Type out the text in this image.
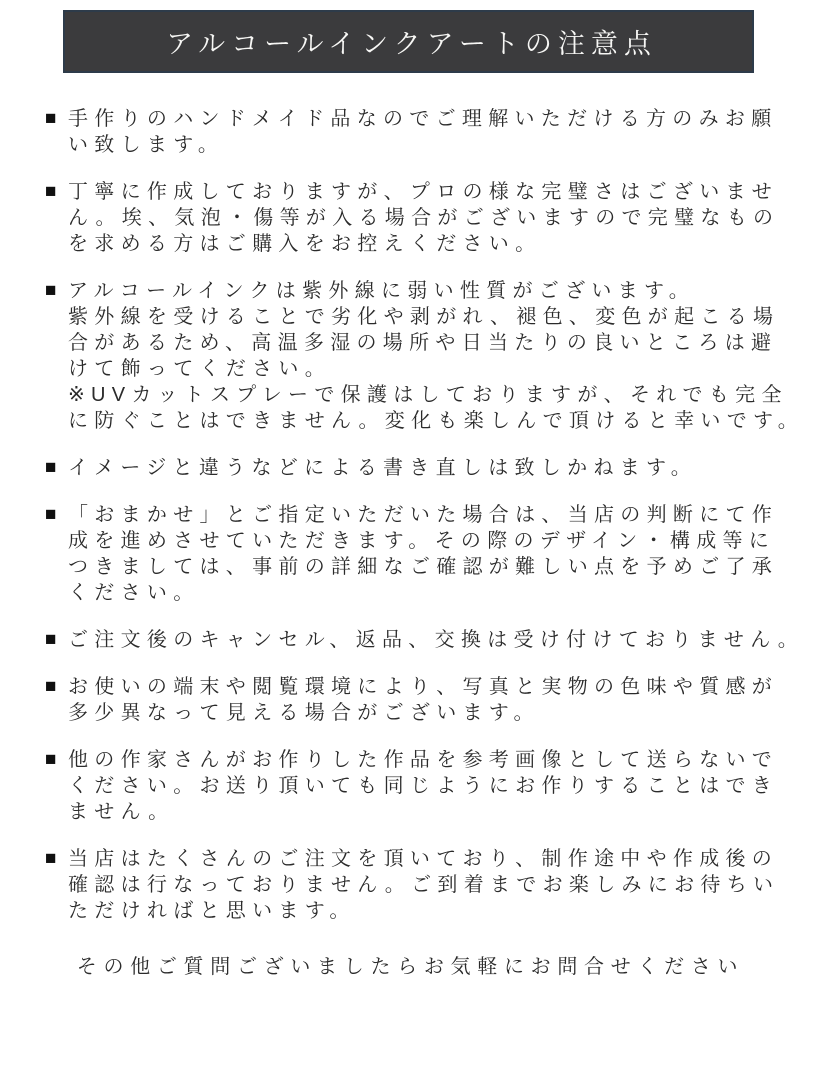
アルコールインクアートの注意点
■ 手作りのハンドメイド品なのでご理解いただける方のみお願
い致します。
■ 丁寧に作成しておりますが、プロの様な完璧さはございませ
ん。埃、気泡・傷等が入る場合がございますので完璧なもの
を求める方はご購入をお控えください。
■ アルコールインクは紫外線に弱い性質がございます。
紫外線を受けることで劣化や剥がれ、褪色、変色が起こる場
合があるため、高温多湿の場所や日当たりの良いところは避
けて飾ってください。
※UVカットスプレーで保護はしておりますが、それでも完全
に防ぐことはできません。変化も楽しんで頂けると幸いです。
■ イメージと違うなどによる書き直しは致しかねます。
■ 「おまかせ」とご指定いただいた場合は、当店の判断にて作
成を進めさせていただきます。その際のデザイン・構成等に
つきましては、事前の詳細なご確認が難しい点を予めご了承
ください。
■ ご注文後のキャンセル、返品、交換は受け付けておりません。
■ お使いの端末や閲覧環境により、写真と実物の色味や質感が
多少異なって見える場合がございます。
■ 他の作家さんがお作りした作品を参考画像として送らないで
ください。お送り頂いても同じようにお作りすることはでき
ません。
■ 当店はたくさんのご注文を頂いており、制作途中や作成後の
確認は行なっておりません。ご到着までお楽しみにお待ちい
ただければと思います。
その他ご質問ございましたらお気軽にお問合せください
